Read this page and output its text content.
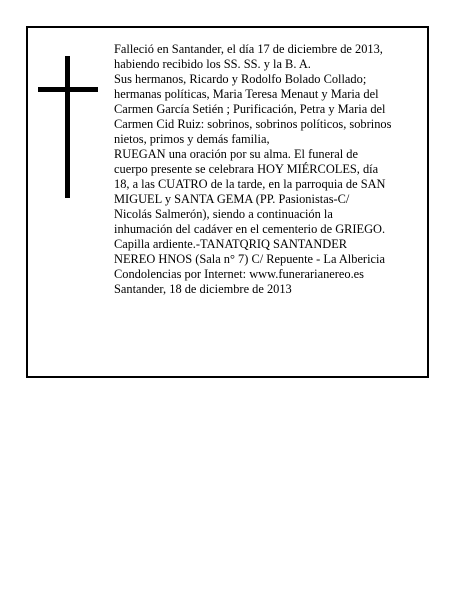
Falleció en Santander, el día 17 de diciembre de 2013,
habiendo recibido los SS. SS. y la B. A.
Sus hermanos, Ricardo y Rodolfo Bolado Collado;
hermanas políticas, Maria Teresa Menaut y Maria del
Carmen García Setién ; Purificación, Petra y Maria del
Carmen Cid Ruiz: sobrinos, sobrinos políticos, sobrinos
nietos, primos y demás familia,
RUEGAN una oración por su alma. El funeral de
cuerpo presente se celebrara HOY MIÉRCOLES, día
18, a las CUATRO de la tarde, en la parroquia de SAN
MIGUEL y SANTA GEMA (PP. Pasionistas-C/
Nicolás Salmerón), siendo a continuación la
inhumación del cadáver en el cementerio de GRIEGO.
Capilla ardiente.-TANATQRIQ SANTANDER
NEREO HNOS (Sala n° 7) C/ Repuente - La Albericia
Condolencias por Internet: www.funerarianereo.es
Santander, 18 de diciembre de 2013
